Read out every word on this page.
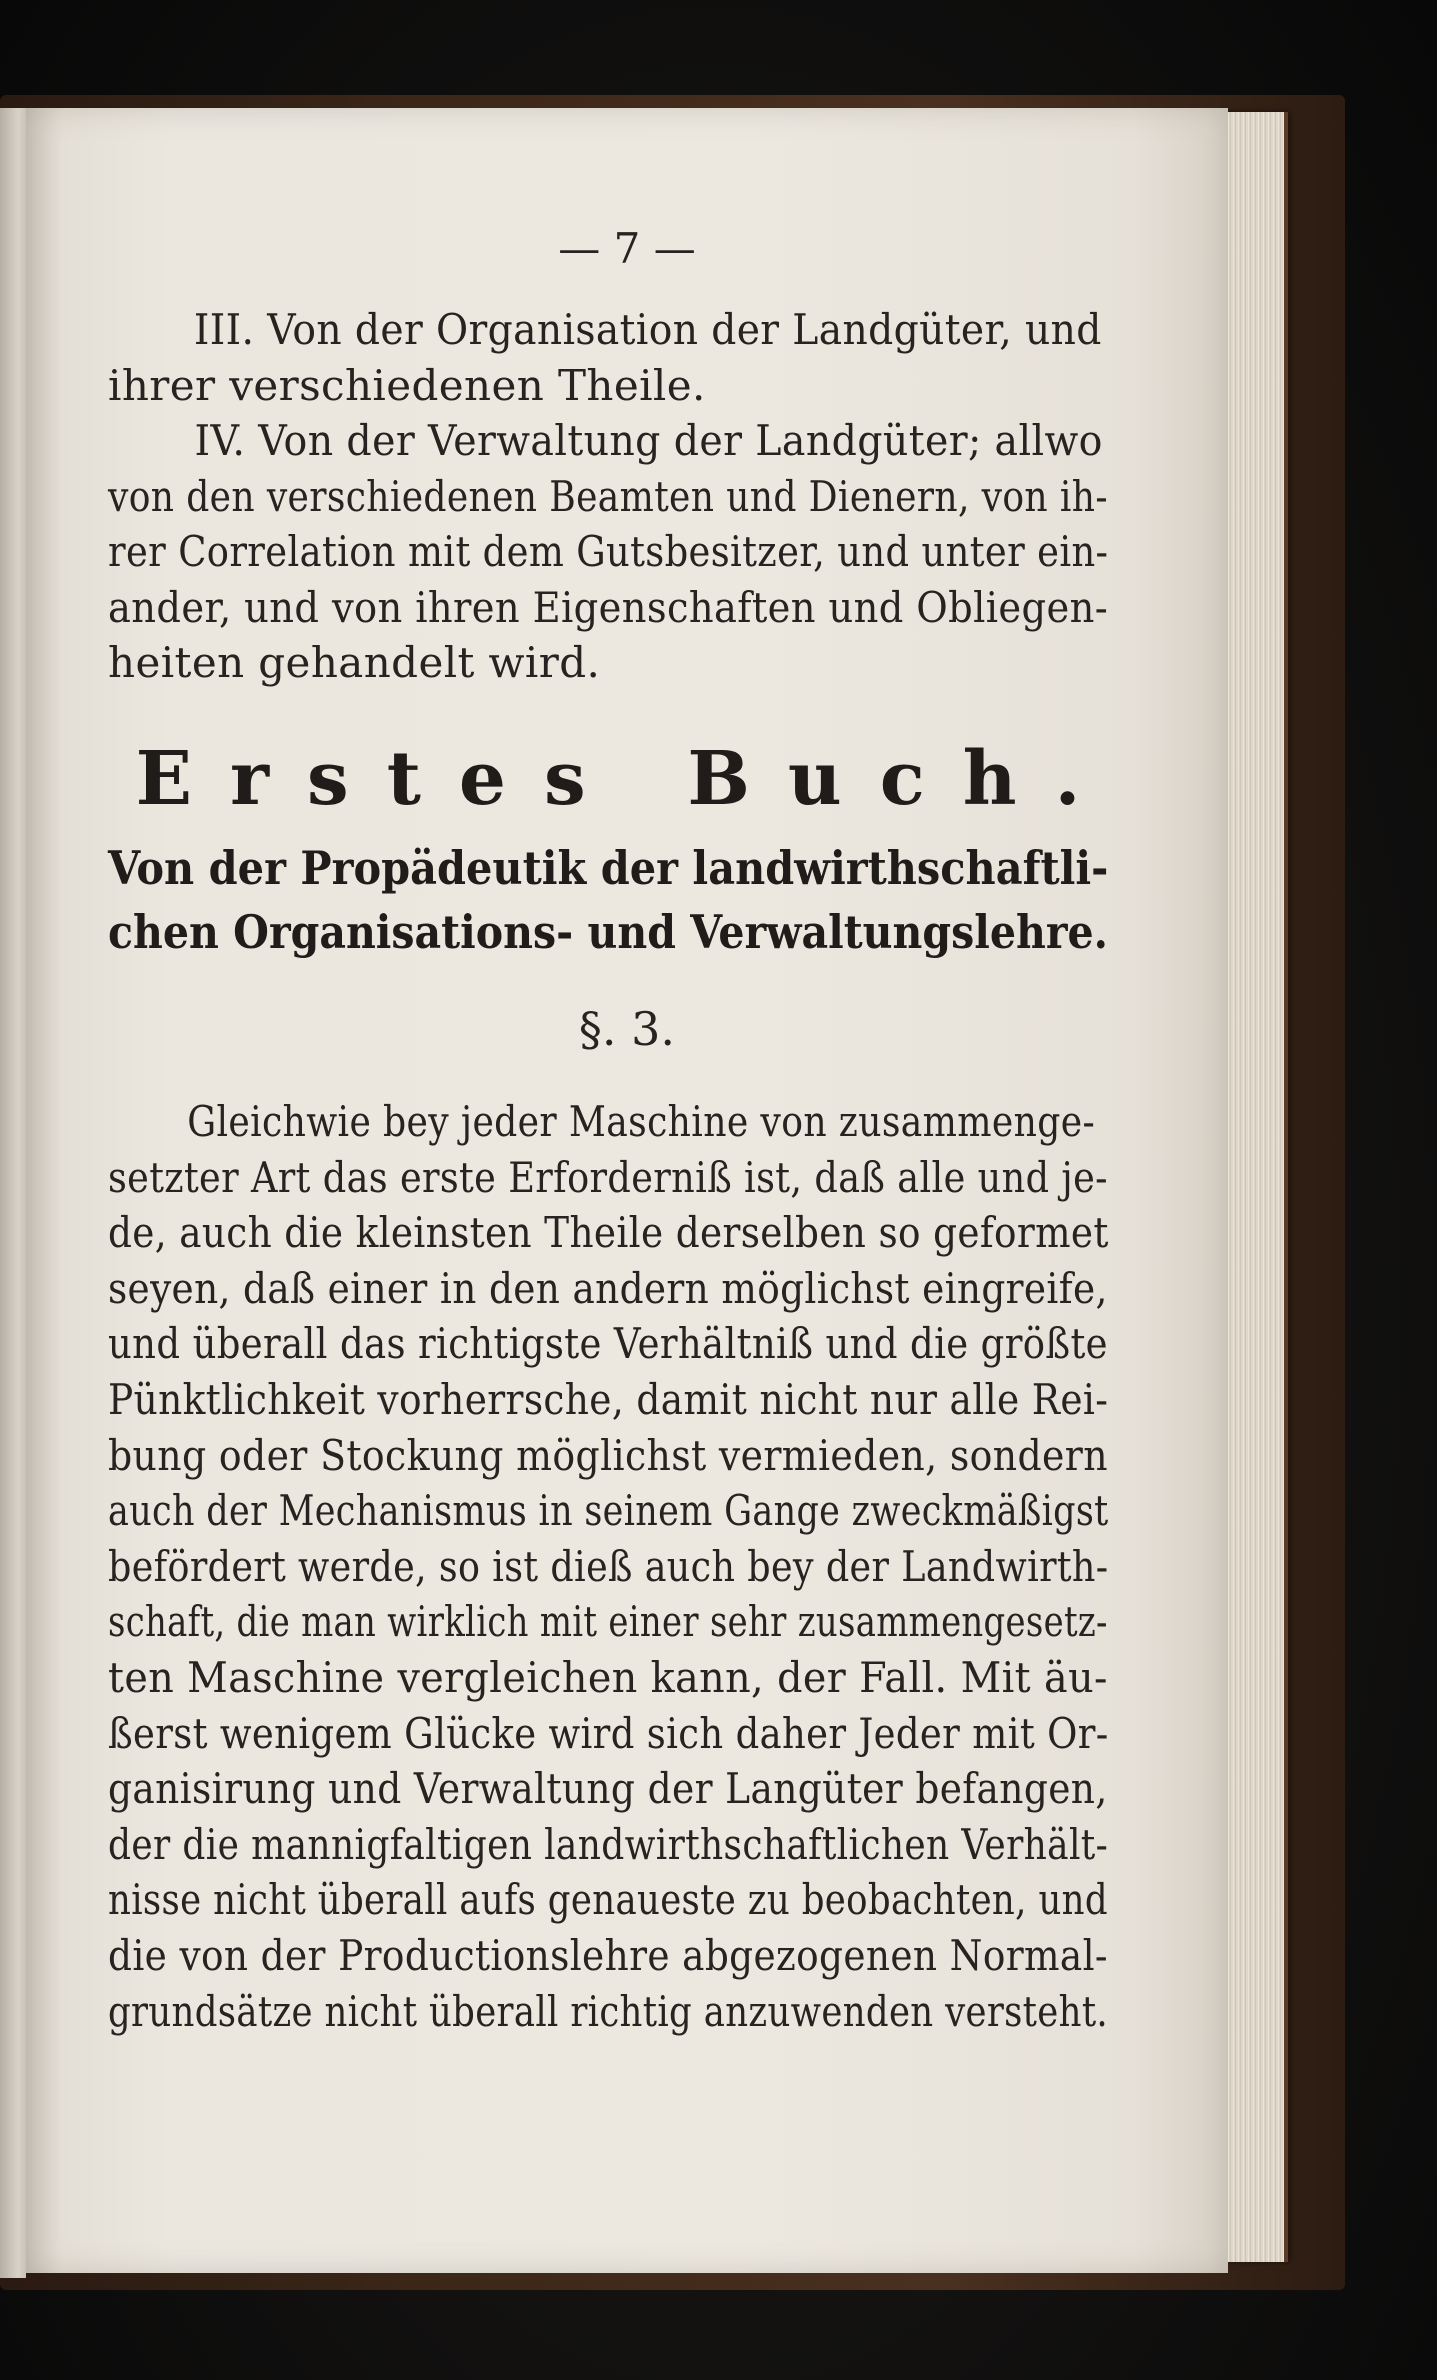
— 7 —

III. Von der Organisation der Landgüter, und
ihrer verschiedenen Theile.
IV. Von der Verwaltung der Landgüter; allwo
von den verschiedenen Beamten und Dienern, von ih-
rer Correlation mit dem Gutsbesitzer, und unter ein-
ander, und von ihren Eigenschaften und Obliegen-
heiten gehandelt wird.
Erstes Buch.
Von der Propädeutik der landwirthschaftli-
chen Organisations- und Verwaltungslehre.

§. 3.

Gleichwie bey jeder Maschine von zusammenge-
setzter Art das erste Erforderniß ist, daß alle und je-
de, auch die kleinsten Theile derselben so geformet
seyen, daß einer in den andern möglichst eingreife,
und überall das richtigste Verhältniß und die größte
Pünktlichkeit vorherrsche, damit nicht nur alle Rei-
bung oder Stockung möglichst vermieden, sondern
auch der Mechanismus in seinem Gange zweckmäßigst
befördert werde, so ist dieß auch bey der Landwirth-
schaft, die man wirklich mit einer sehr zusammengesetz-
ten Maschine vergleichen kann, der Fall. Mit äu-
ßerst wenigem Glücke wird sich daher Jeder mit Or-
ganisirung und Verwaltung der Langüter befangen,
der die mannigfaltigen landwirthschaftlichen Verhält-
nisse nicht überall aufs genaueste zu beobachten, und
die von der Productionslehre abgezogenen Normal-
grundsätze nicht überall richtig anzuwenden versteht.
